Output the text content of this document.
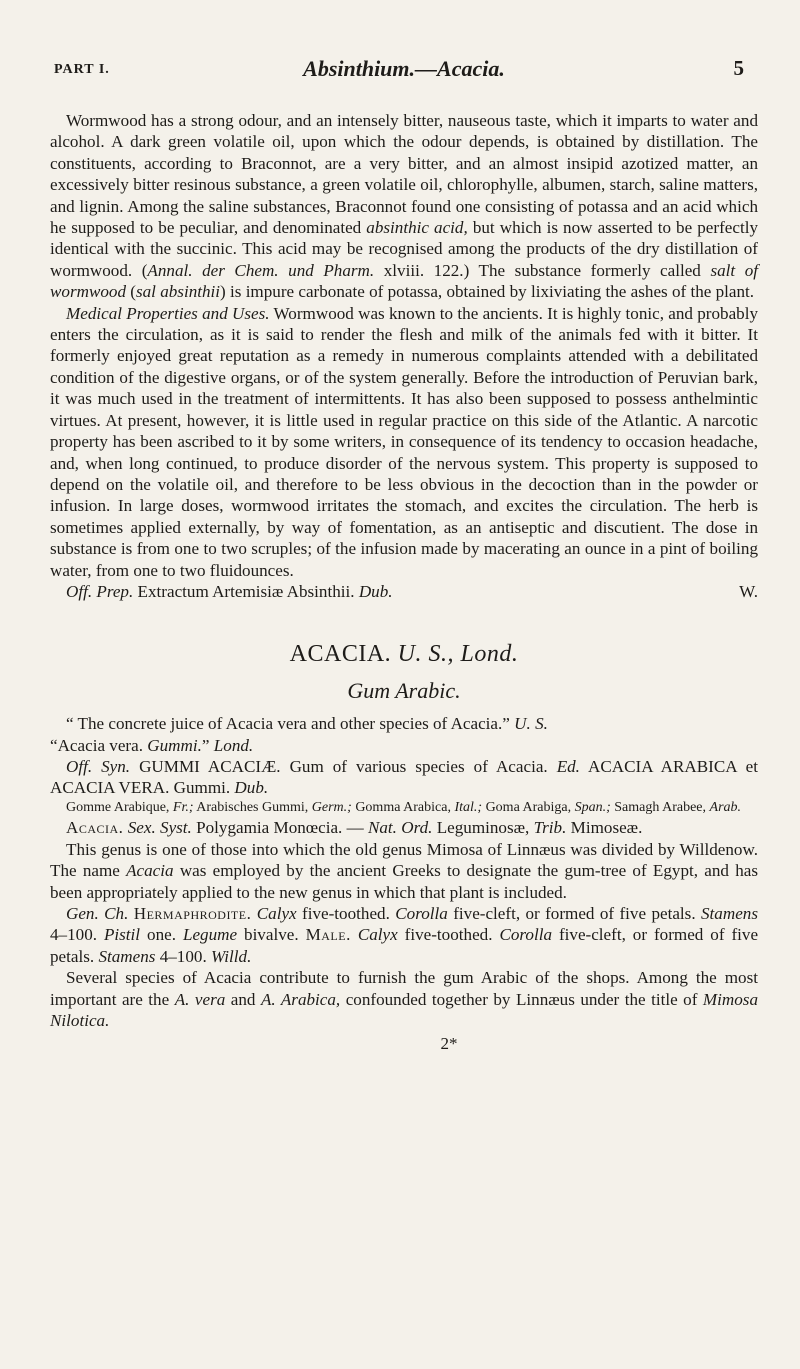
PART I.	Absinthium.—Acacia.	5

Wormwood has a strong odour, and an intensely bitter, nauseous taste, which it imparts to water and alcohol. A dark green volatile oil, upon which the odour depends, is obtained by distillation. The constituents, according to Braconnot, are a very bitter, and an almost insipid azotized matter, an excessively bitter resinous substance, a green volatile oil, chlorophylle, albumen, starch, saline matters, and lignin. Among the saline substances, Braconnot found one consisting of potassa and an acid which he supposed to be peculiar, and denominated absinthic acid, but which is now asserted to be perfectly identical with the succinic. This acid may be recognised among the products of the dry distillation of wormwood. (Annal. der Chem. und Pharm. xlviii. 122.) The substance formerly called salt of wormwood (sal absinthii) is impure carbonate of potassa, obtained by lixiviating the ashes of the plant.

Medical Properties and Uses. Wormwood was known to the ancients. It is highly tonic, and probably enters the circulation, as it is said to render the flesh and milk of the animals fed with it bitter. It formerly enjoyed great reputation as a remedy in numerous complaints attended with a debilitated condition of the digestive organs, or of the system generally. Before the introduction of Peruvian bark, it was much used in the treatment of intermittents. It has also been supposed to possess anthelmintic virtues. At present, however, it is little used in regular practice on this side of the Atlantic. A narcotic property has been ascribed to it by some writers, in consequence of its tendency to occasion headache, and, when long continued, to produce disorder of the nervous system. This property is supposed to depend on the volatile oil, and therefore to be less obvious in the decoction than in the powder or infusion. In large doses, wormwood irritates the stomach, and excites the circulation. The herb is sometimes applied externally, by way of fomentation, as an antiseptic and discutient. The dose in substance is from one to two scruples; of the infusion made by macerating an ounce in a pint of boiling water, from one to two fluidounces.

Off. Prep. Extractum Artemisiæ Absinthii. Dub.	W.

ACACIA. U. S., Lond.
Gum Arabic.

“ The concrete juice of Acacia vera and other species of Acacia.” U. S.

“Acacia vera. Gummi.” Lond.

Off. Syn. GUMMI ACACIÆ. Gum of various species of Acacia. Ed. ACACIA ARABICA et ACACIA VERA. Gummi. Dub.

Gomme Arabique, Fr.; Arabisches Gummi, Germ.; Gomma Arabica, Ital.; Goma Arabiga, Span.; Samagh Arabee, Arab.

Acacia. Sex. Syst. Polygamia Monœcia. — Nat. Ord. Leguminosæ, Trib. Mimoseæ.

This genus is one of those into which the old genus Mimosa of Linnæus was divided by Willdenow. The name Acacia was employed by the ancient Greeks to designate the gum-tree of Egypt, and has been appropriately applied to the new genus in which that plant is included.

Gen. Ch. Hermaphrodite. Calyx five-toothed. Corolla five-cleft, or formed of five petals. Stamens 4–100. Pistil one. Legume bivalve. Male. Calyx five-toothed. Corolla five-cleft, or formed of five petals. Stamens 4–100. Willd.

Several species of Acacia contribute to furnish the gum Arabic of the shops. Among the most important are the A. vera and A. Arabica, confounded together by Linnæus under the title of Mimosa Nilotica.

2*
